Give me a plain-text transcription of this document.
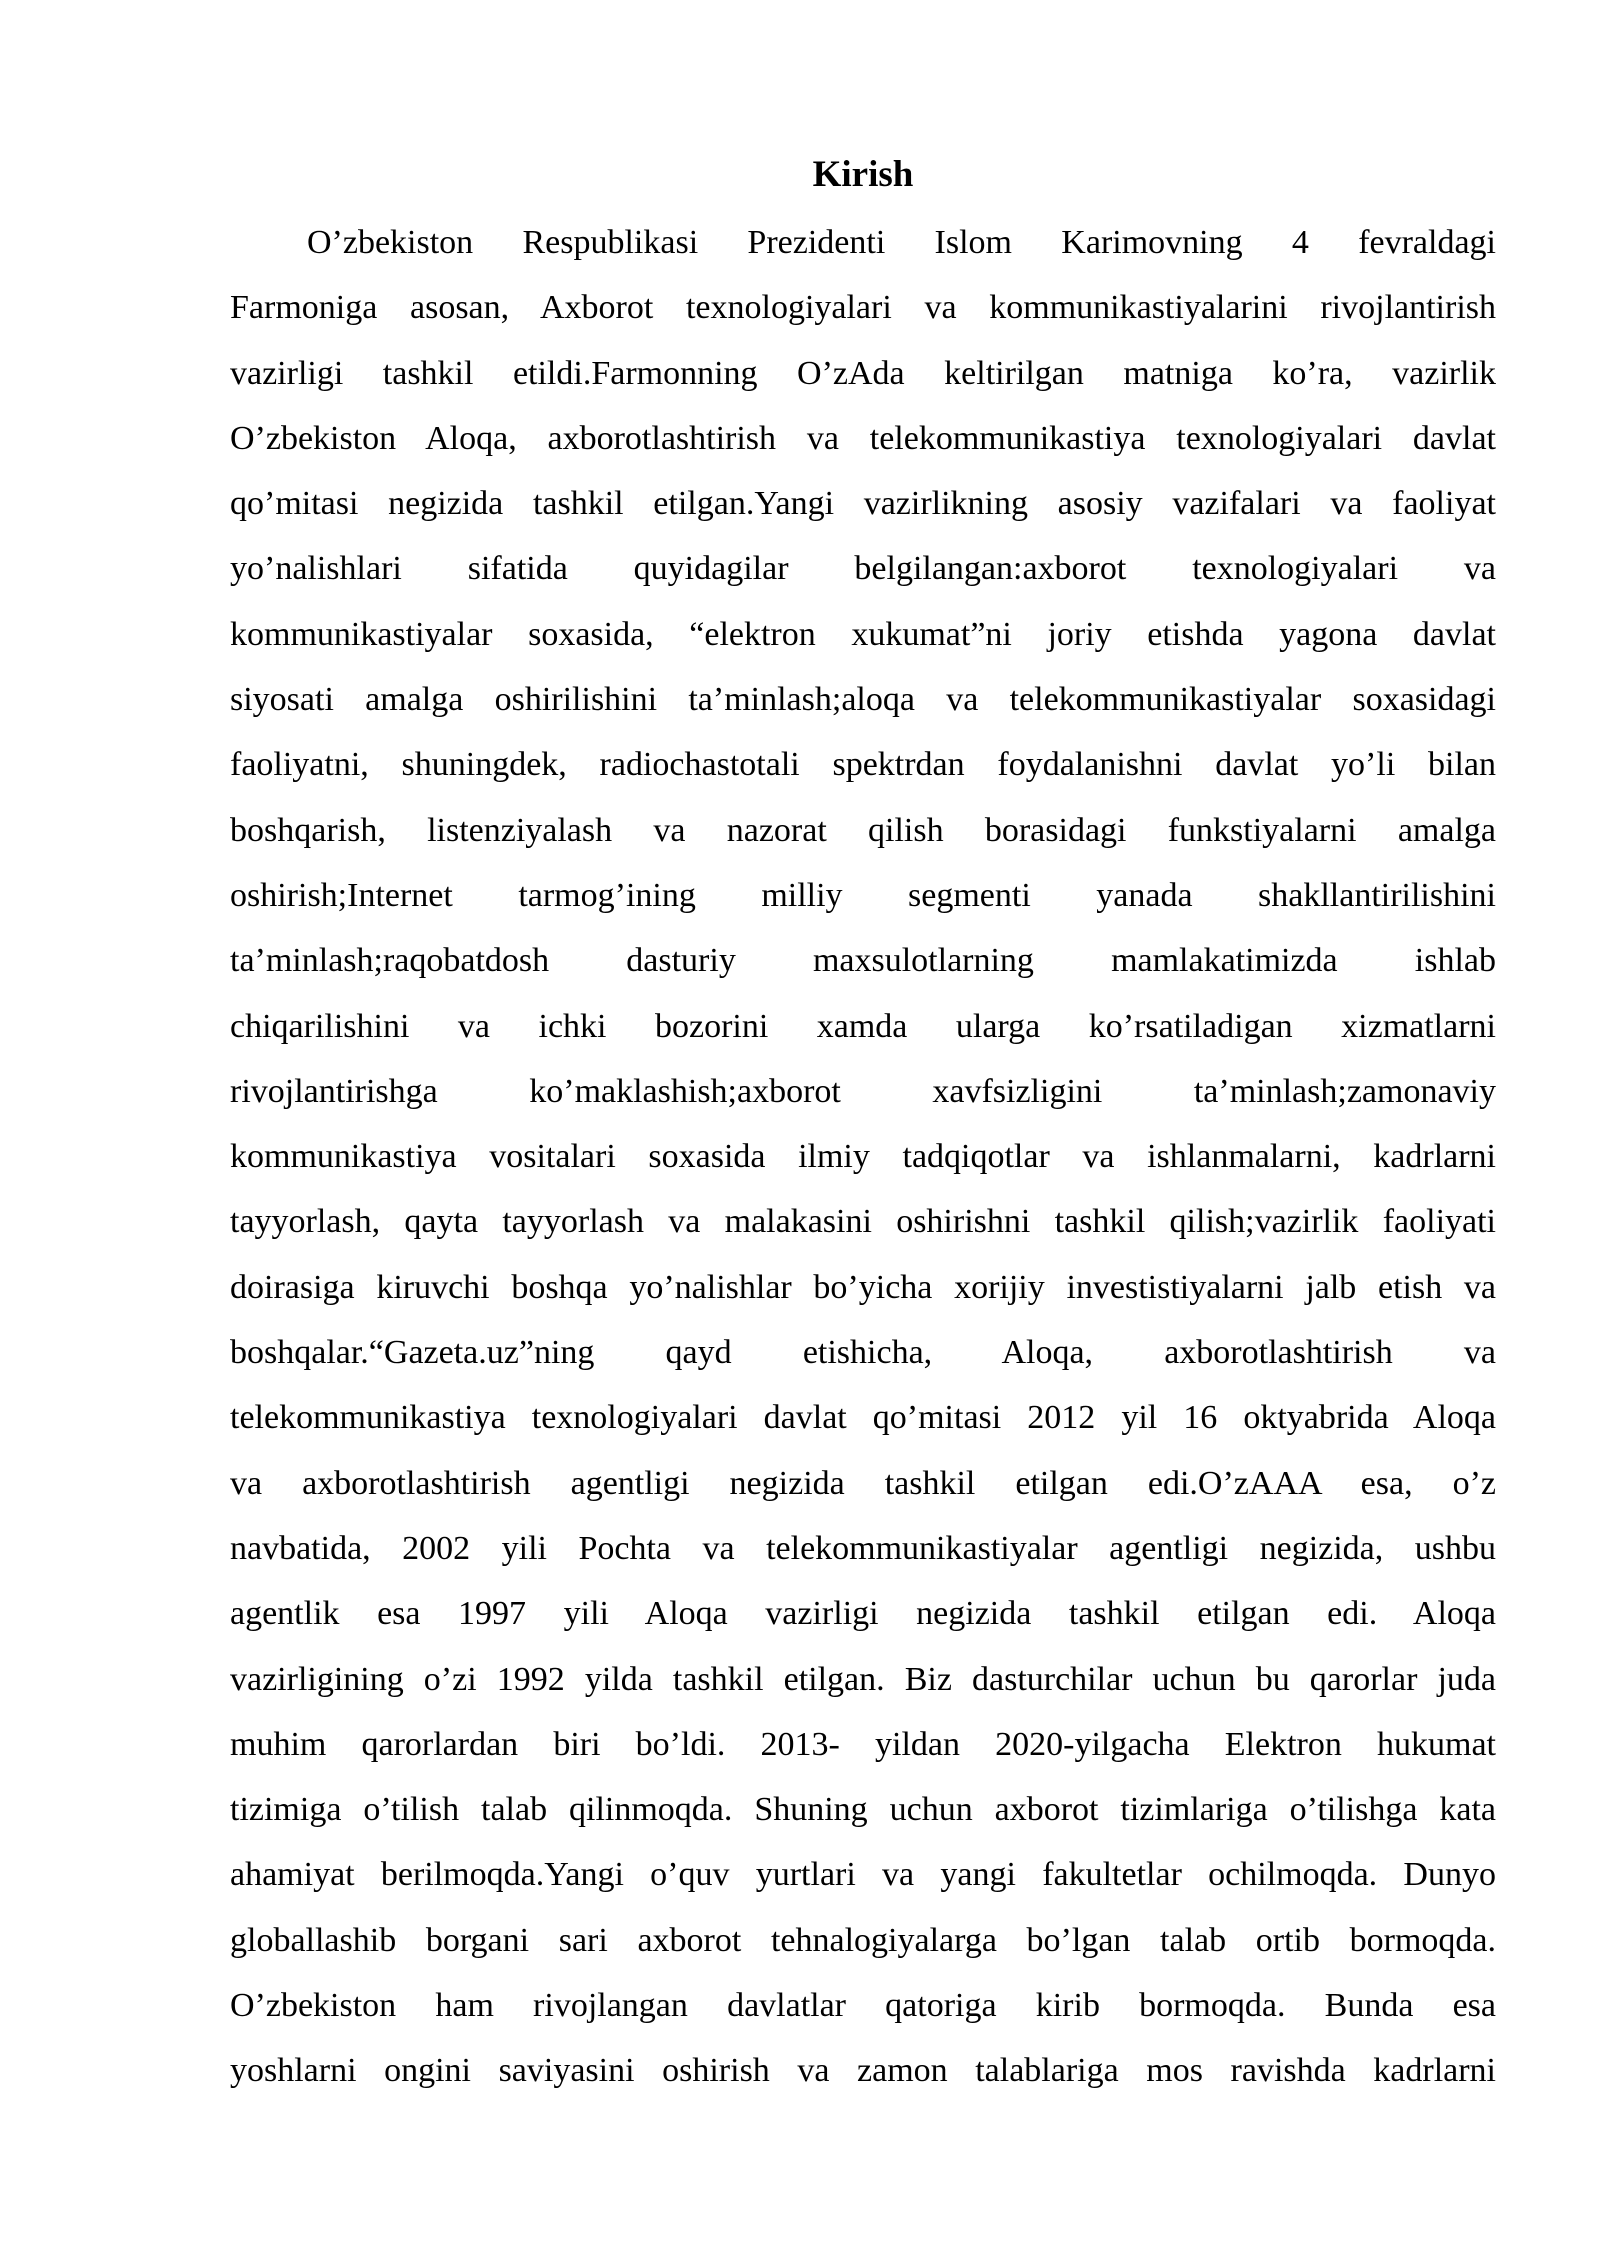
Kirish
O’zbekiston Respublikasi Prezidenti Islom Karimovning 4 fevraldagi
Farmoniga asosan, Axborot texnologiyalari va kommunikastiyalarini rivojlantirish
vazirligi tashkil etildi.Farmonning O’zAda keltirilgan matniga ko’ra, vazirlik
O’zbekiston Aloqa, axborotlashtirish va telekommunikastiya texnologiyalari davlat
qo’mitasi negizida tashkil etilgan.Yangi vazirlikning asosiy vazifalari va faoliyat
yo’nalishlari sifatida quyidagilar belgilangan:axborot texnologiyalari va
kommunikastiyalar soxasida, “elektron xukumat”ni joriy etishda yagona davlat
siyosati amalga oshirilishini ta’minlash;aloqa va telekommunikastiyalar soxasidagi
faoliyatni, shuningdek, radiochastotali spektrdan foydalanishni davlat yo’li bilan
boshqarish, listenziyalash va nazorat qilish borasidagi funkstiyalarni amalga
oshirish;Internet tarmog’ining milliy segmenti yanada shakllantirilishini
ta’minlash;raqobatdosh dasturiy maxsulotlarning mamlakatimizda ishlab
chiqarilishini va ichki bozorini xamda ularga ko’rsatiladigan xizmatlarni
rivojlantirishga ko’maklashish;axborot xavfsizligini ta’minlash;zamonaviy
kommunikastiya vositalari soxasida ilmiy tadqiqotlar va ishlanmalarni, kadrlarni
tayyorlash, qayta tayyorlash va malakasini oshirishni tashkil qilish;vazirlik faoliyati
doirasiga kiruvchi boshqa yo’nalishlar bo’yicha xorijiy investistiyalarni jalb etish va
boshqalar.“Gazeta.uz”ning qayd etishicha, Aloqa, axborotlashtirish va
telekommunikastiya texnologiyalari davlat qo’mitasi 2012 yil 16 oktyabrida Aloqa
va axborotlashtirish agentligi negizida tashkil etilgan edi.O’zAAA esa, o’z
navbatida, 2002 yili Pochta va telekommunikastiyalar agentligi negizida, ushbu
agentlik esa 1997 yili Aloqa vazirligi negizida tashkil etilgan edi. Aloqa
vazirligining o’zi 1992 yilda tashkil etilgan. Biz dasturchilar uchun bu qarorlar juda
muhim qarorlardan biri bo’ldi. 2013- yildan 2020-yilgacha Elektron hukumat
tizimiga o’tilish talab qilinmoqda. Shuning uchun axborot tizimlariga o’tilishga kata
ahamiyat berilmoqda.Yangi o’quv yurtlari va yangi fakultetlar ochilmoqda. Dunyo
globallashib borgani sari axborot tehnalogiyalarga bo’lgan talab ortib bormoqda.
O’zbekiston ham rivojlangan davlatlar qatoriga kirib bormoqda. Bunda esa
yoshlarni ongini saviyasini oshirish va zamon talablariga mos ravishda kadrlarni
